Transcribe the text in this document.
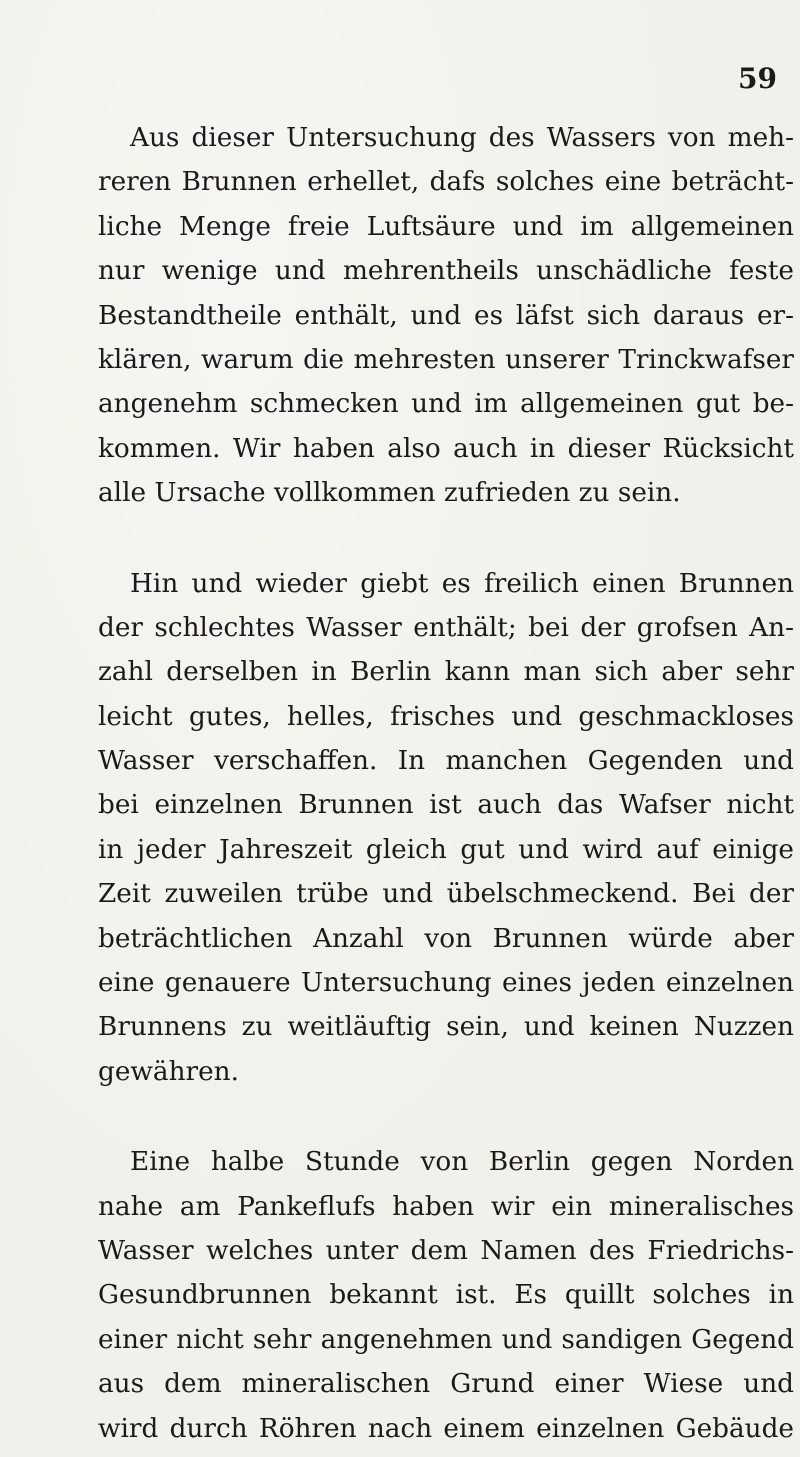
59
Aus dieser Untersuchung des Wassers von meh-
reren Brunnen erhellet, dafs solches eine beträcht-
liche Menge freie Luftsäure und im allgemeinen
nur wenige und mehrentheils unschädliche feste
Bestandtheile enthält, und es läfst sich daraus er-
klären, warum die mehresten unserer Trinckwafser
angenehm schmecken und im allgemeinen gut be-
kommen. Wir haben also auch in dieser Rücksicht
alle Ursache vollkommen zufrieden zu sein.
Hin und wieder giebt es freilich einen Brunnen
der schlechtes Wasser enthält; bei der grofsen An-
zahl derselben in Berlin kann man sich aber sehr
leicht gutes, helles, frisches und geschmackloses
Wasser verschaffen. In manchen Gegenden und
bei einzelnen Brunnen ist auch das Wafser nicht
in jeder Jahreszeit gleich gut und wird auf einige
Zeit zuweilen trübe und übelschmeckend. Bei der
beträchtlichen Anzahl von Brunnen würde aber
eine genauere Untersuchung eines jeden einzelnen
Brunnens zu weitläuftig sein, und keinen Nuzzen
gewähren.
Eine halbe Stunde von Berlin gegen Norden
nahe am Pankeflufs haben wir ein mineralisches
Wasser welches unter dem Namen des Friedrichs-
Gesundbrunnen bekannt ist. Es quillt solches in
einer nicht sehr angenehmen und sandigen Gegend
aus dem mineralischen Grund einer Wiese und
wird durch Röhren nach einem einzelnen Gebäude
